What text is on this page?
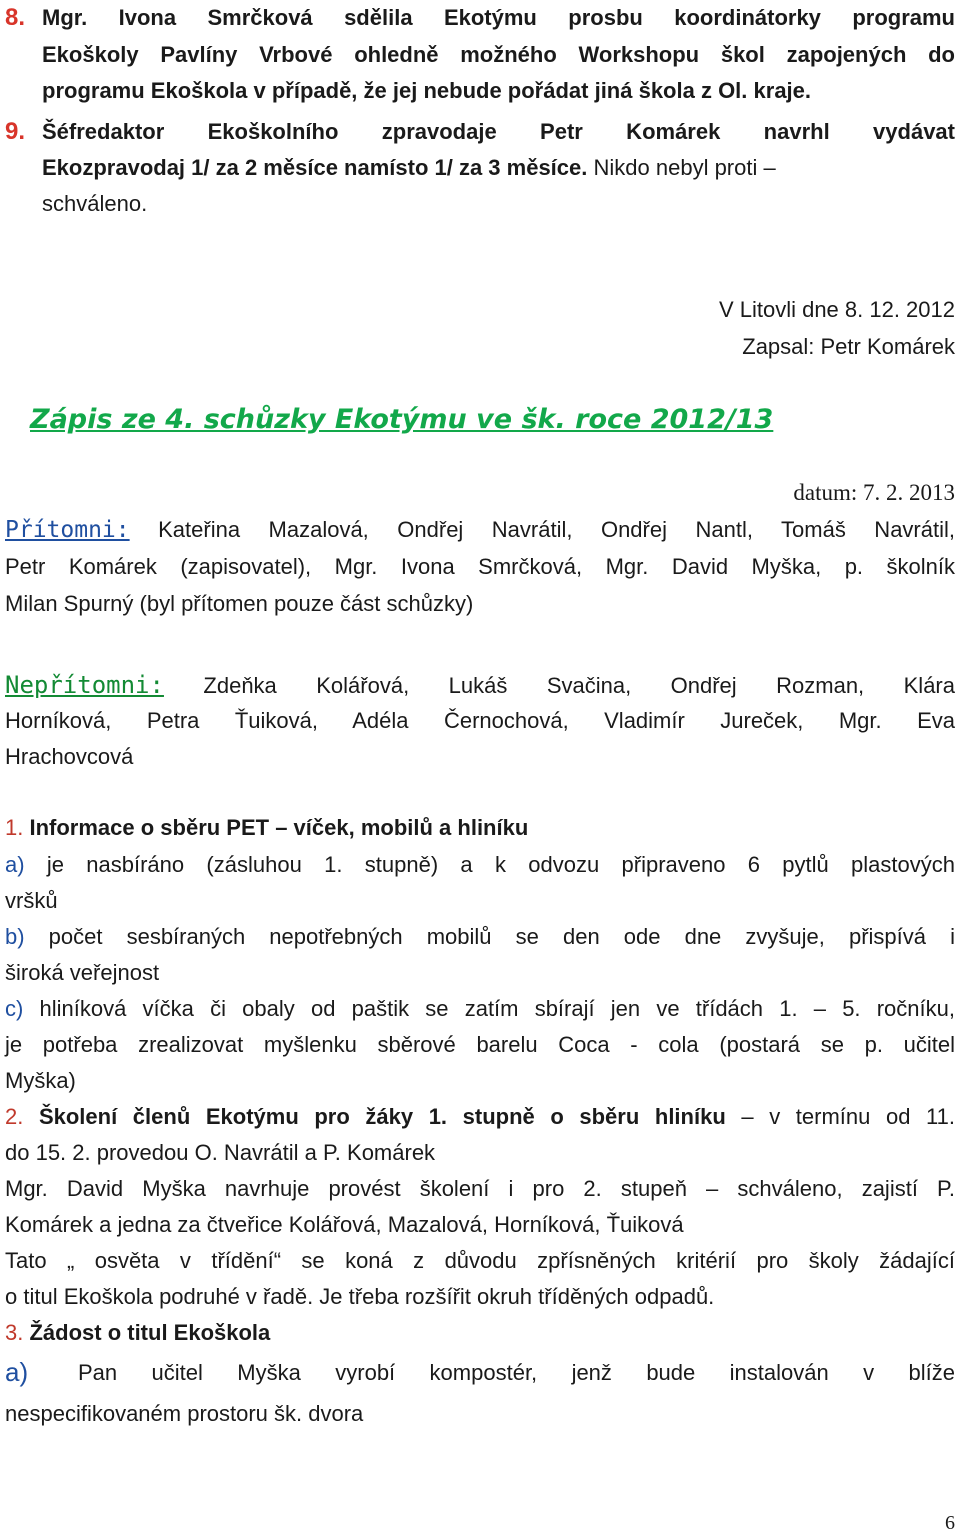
8. Mgr. Ivona Smrčková sdělila Ekotýmu prosbu koordinátorky programu
Ekoškoly Pavlíny Vrbové ohledně možného Workshopu škol zapojených do
programu Ekoškola v případě, že jej nebude pořádat jiná škola z Ol. kraje.
9. Šéfredaktor Ekoškolního zpravodaje Petr Komárek navrhl vydávat
Ekozpravodaj 1/ za 2 měsíce namísto 1/ za 3 měsíce. Nikdo nebyl proti –
schváleno.
V Litovli dne 8. 12. 2012
Zapsal: Petr Komárek
Zápis ze 4. schůzky Ekotýmu ve šk. roce 2012/13
datum: 7. 2. 2013
Přítomni: Kateřina Mazalová, Ondřej Navrátil, Ondřej Nantl, Tomáš Navrátil,
Petr Komárek (zapisovatel), Mgr. Ivona Smrčková, Mgr. David Myška, p. školník
Milan Spurný (byl přítomen pouze část schůzky)
Nepřítomni: Zdeňka Kolářová, Lukáš Svačina, Ondřej Rozman, Klára
Horníková, Petra Ťuiková, Adéla Černochová, Vladimír Jureček, Mgr. Eva
Hrachovcová
1. Informace o sběru PET – víček, mobilů a hliníku
a) je nasbíráno (zásluhou 1. stupně) a k odvozu připraveno 6 pytlů plastových
vršků
b) počet sesbíraných nepotřebných mobilů se den ode dne zvyšuje, přispívá i
široká veřejnost
c) hliníková víčka či obaly od paštik se zatím sbírají jen ve třídách 1. – 5. ročníku,
je potřeba zrealizovat myšlenku sběrové barelu Coca - cola (postará se p. učitel
Myška)
2. Školení členů Ekotýmu pro žáky 1. stupně o sběru hliníku – v termínu od 11.
do 15. 2. provedou O. Navrátil a P. Komárek
Mgr. David Myška navrhuje provést školení i pro 2. stupeň – schváleno, zajistí P.
Komárek a jedna za čtveřice Kolářová, Mazalová, Horníková, Ťuiková
Tato „ osvěta v třídění“ se koná z důvodu zpřísněných kritérií pro školy žádající
o titul Ekoškola podruhé v řadě. Je třeba rozšířit okruh tříděných odpadů.
3. Žádost o titul Ekoškola
a) Pan učitel Myška vyrobí kompostér, jenž bude instalován v blíže
nespecifikovaném prostoru šk. dvora
6
